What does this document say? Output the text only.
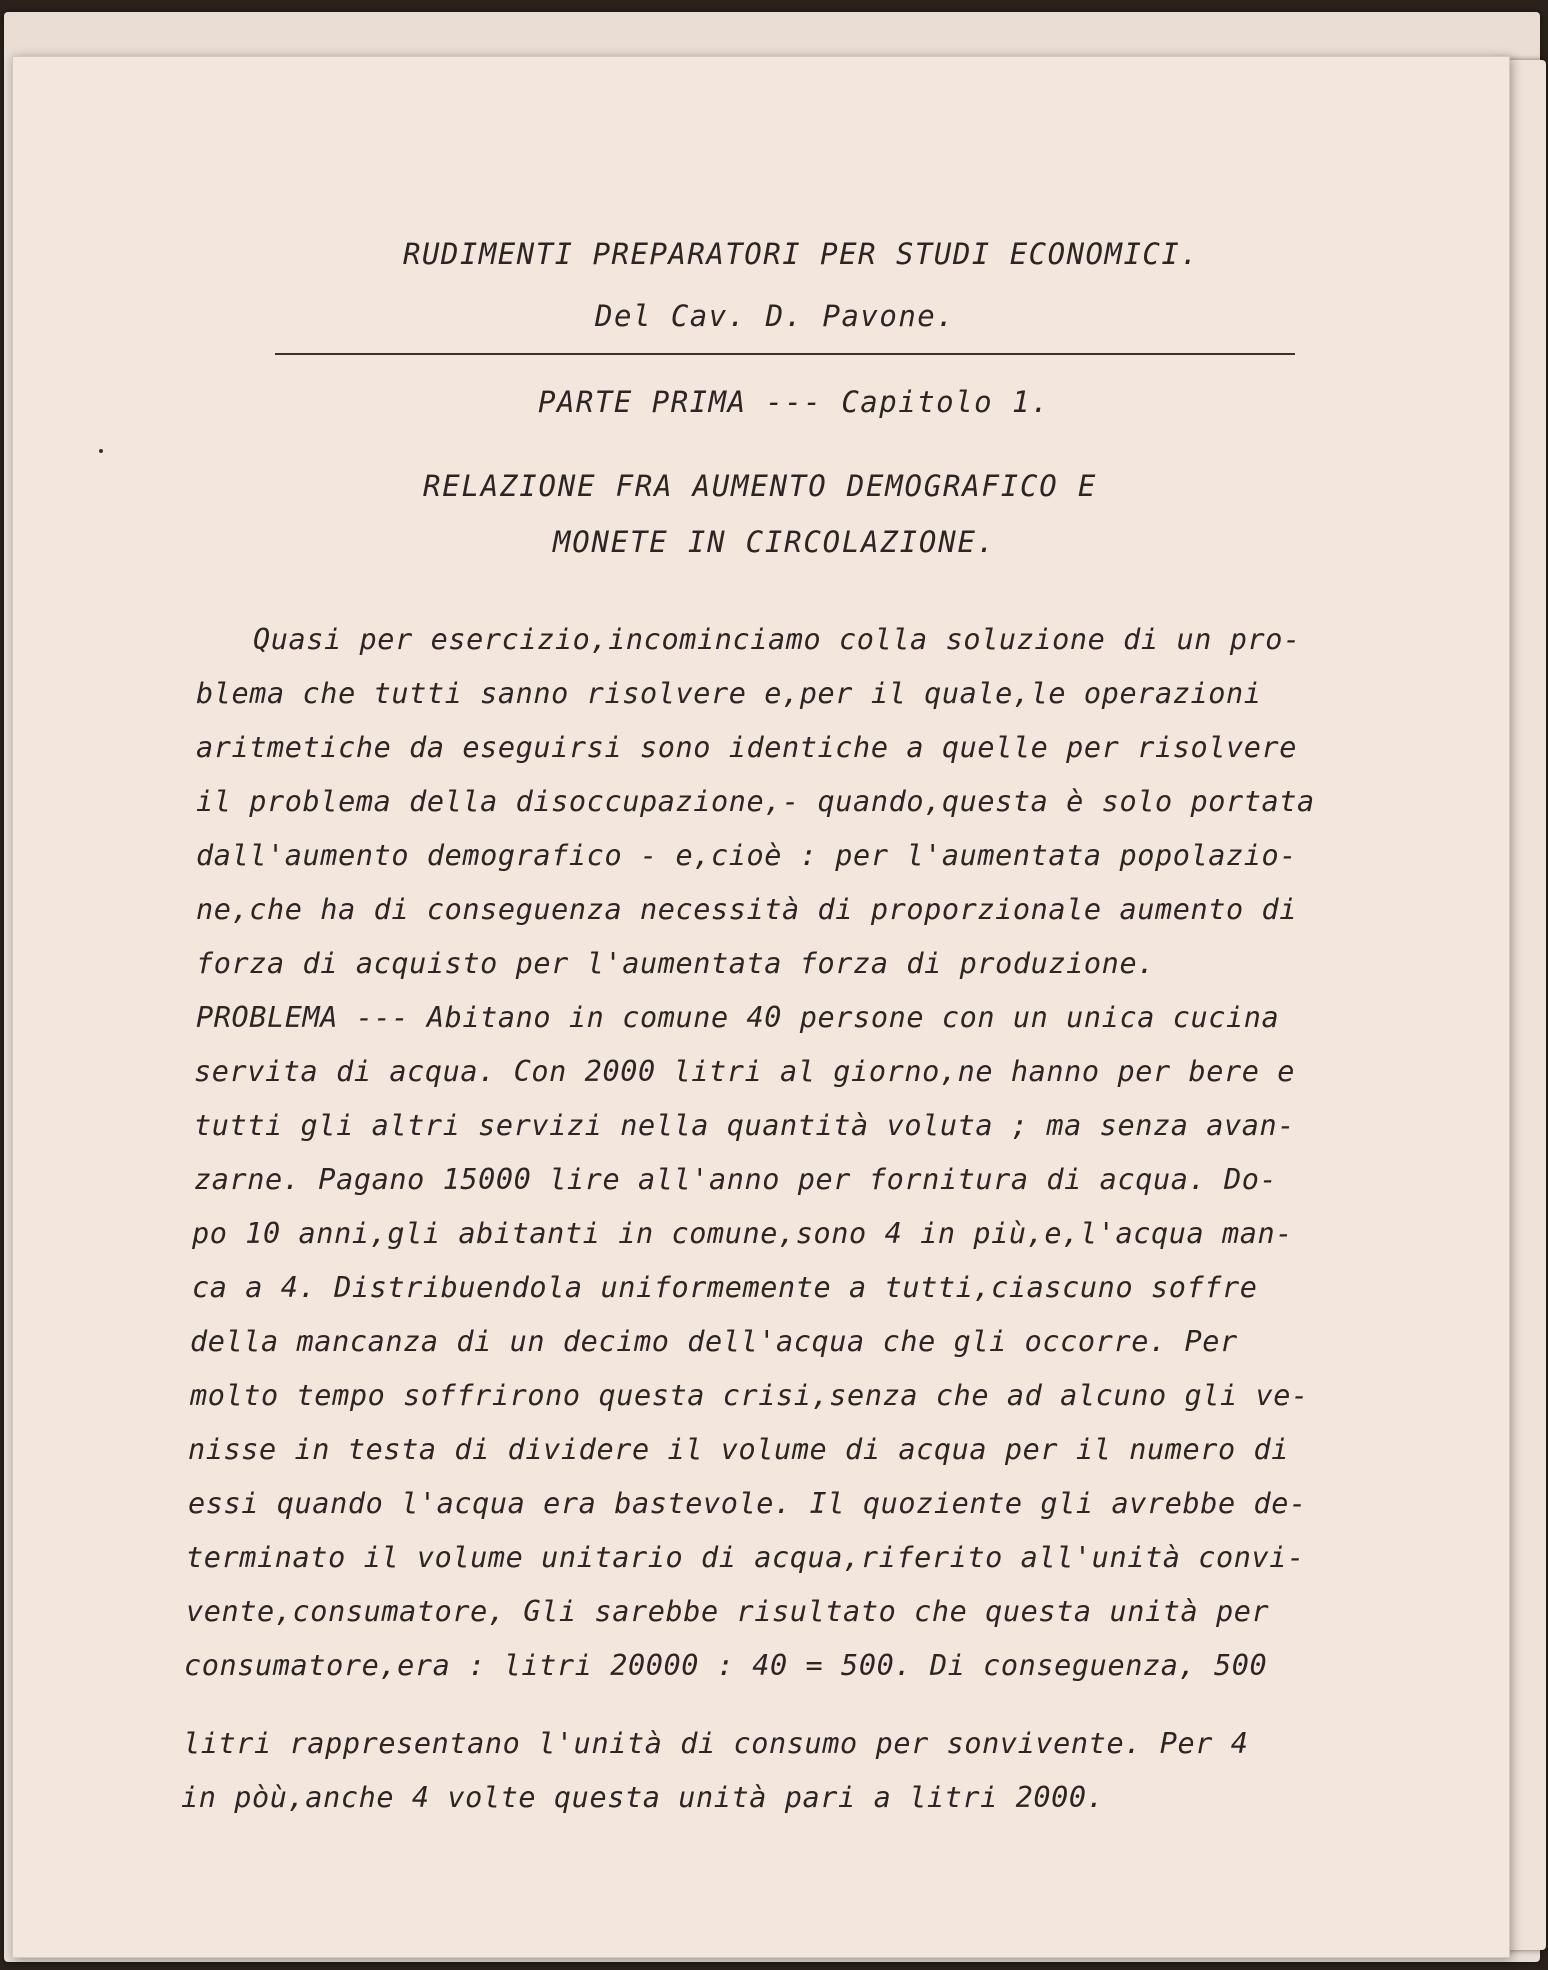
RUDIMENTI PREPARATORI PER STUDI ECONOMICI.
Del Cav. D. Pavone.
PARTE PRIMA --- Capitolo 1.
RELAZIONE FRA AUMENTO DEMOGRAFICO E
MONETE IN CIRCOLAZIONE.
Quasi per esercizio,incominciamo colla soluzione di un pro-
blema che tutti sanno risolvere e,per il quale,le operazioni
aritmetiche da eseguirsi sono identiche a quelle per risolvere
il problema della disoccupazione,- quando,questa è solo portata
dall'aumento demografico - e,cioè : per l'aumentata popolazio-
ne,che ha di conseguenza necessità di proporzionale aumento di
forza di acquisto per l'aumentata forza di produzione.
PROBLEMA --- Abitano in comune 40 persone con un unica cucina
servita di acqua. Con 2000 litri al giorno,ne hanno per bere e
tutti gli altri servizi nella quantità voluta ; ma senza avan-
zarne. Pagano 15000 lire all'anno per fornitura di acqua. Do-
po 10 anni,gli abitanti in comune,sono 4 in più,e,l'acqua man-
ca a 4. Distribuendola uniformemente a tutti,ciascuno soffre
della mancanza di un decimo dell'acqua che gli occorre. Per
molto tempo soffrirono questa crisi,senza che ad alcuno gli ve-
nisse in testa di dividere il volume di acqua per il numero di
essi quando l'acqua era bastevole. Il quoziente gli avrebbe de-
terminato il volume unitario di acqua,riferito all'unità convi-
vente,consumatore, Gli sarebbe risultato che questa unità per
consumatore,era : litri 20000 : 40 = 500. Di conseguenza, 500
litri rappresentano l'unità di consumo per sonvivente. Per 4
in pòù,anche 4 volte questa unità pari a litri 2000.
